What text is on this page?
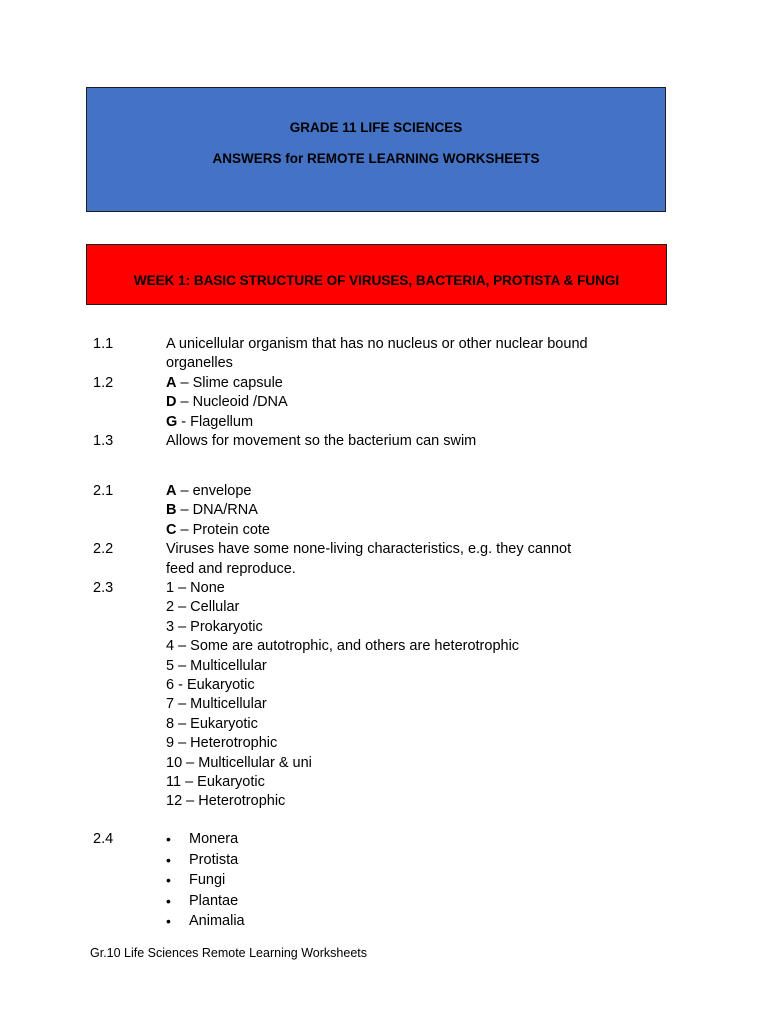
GRADE 11 LIFE SCIENCES
ANSWERS for REMOTE LEARNING WORKSHEETS
WEEK 1: BASIC STRUCTURE OF VIRUSES, BACTERIA, PROTISTA & FUNGI
1.1	A unicellular organism that has no nucleus or other nuclear bound
organelles
1.2	A – Slime capsule
D – Nucleoid /DNA
G - Flagellum
1.3	Allows for movement so the bacterium can swim
2.1	A – envelope
B – DNA/RNA
C – Protein cote
2.2	Viruses have some none-living characteristics, e.g. they cannot
feed and reproduce.
2.3	1 – None
2 – Cellular
3 – Prokaryotic
4 – Some are autotrophic, and others are heterotrophic
5 – Multicellular
6 - Eukaryotic
7 – Multicellular
8 – Eukaryotic
9 – Heterotrophic
10 – Multicellular & uni
11 – Eukaryotic
12 – Heterotrophic
2.4	• Monera
• Protista
• Fungi
• Plantae
• Animalia
Gr.10 Life Sciences Remote Learning Worksheets
